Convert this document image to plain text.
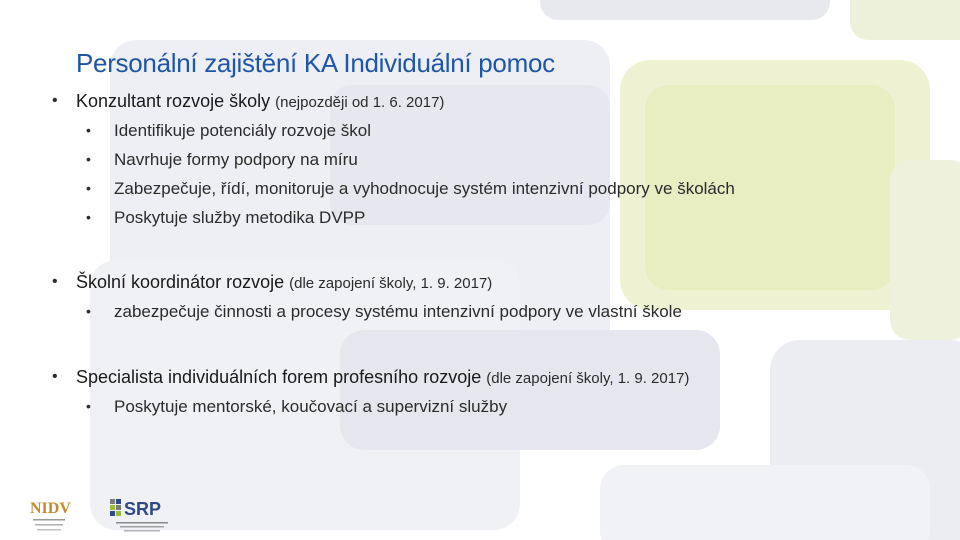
Personální zajištění KA Individuální pomoc
• Konzultant rozvoje školy (nejpozději od 1. 6. 2017)
• Identifikuje potenciály rozvoje škol
• Navrhuje formy podpory na míru
• Zabezpečuje, řídí, monitoruje a vyhodnocuje systém intenzivní podpory ve školách
• Poskytuje služby metodika DVPP
• Školní koordinátor rozvoje (dle zapojení školy, 1. 9. 2017)
• zabezpečuje činnosti a procesy systému intenzivní podpory ve vlastní škole
• Specialista individuálních forem profesního rozvoje (dle zapojení školy, 1. 9. 2017)
• Poskytuje mentorské, koučovací a supervizní služby
NIDV	SRP
